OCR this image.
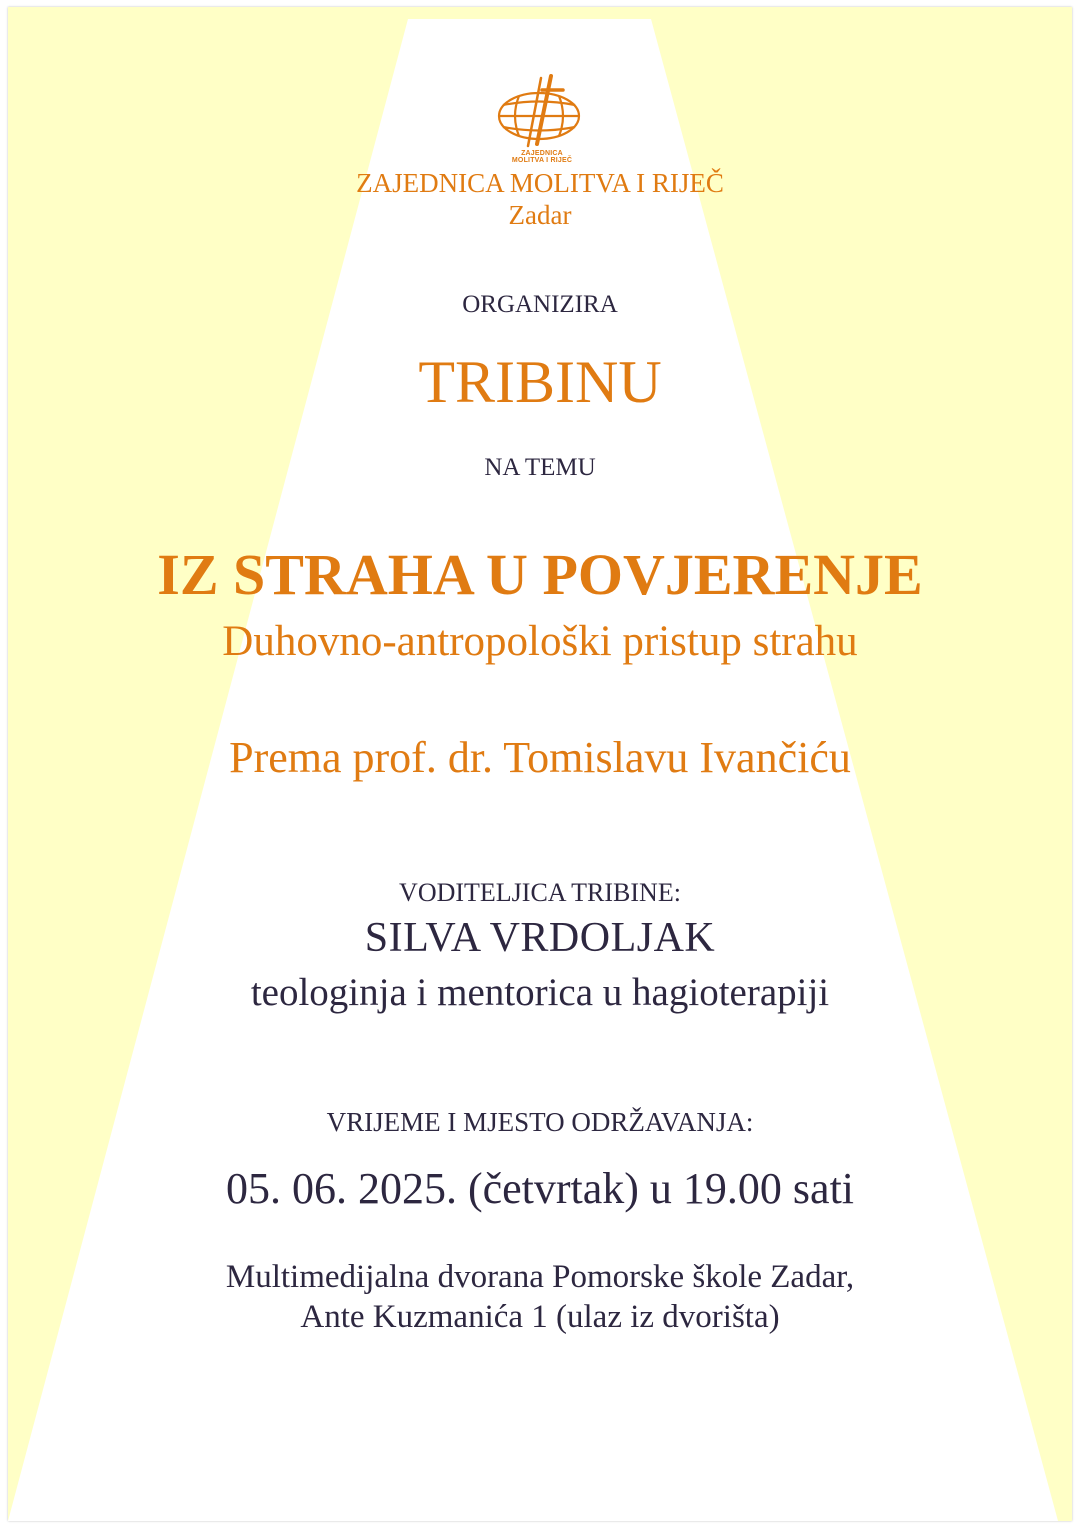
ZAJEDNICA
MOLITVA I RIJEČ
ZAJEDNICA MOLITVA I RIJEČ
Zadar
ORGANIZIRA
TRIBINU
NA TEMU
IZ STRAHA U POVJERENJE
Duhovno-antropološki pristup strahu
Prema prof. dr. Tomislavu Ivančiću
VODITELJICA TRIBINE:
SILVA VRDOLJAK
teologinja i mentorica u hagioterapiji
VRIJEME I MJESTO ODRŽAVANJA:
05. 06. 2025. (četvrtak) u 19.00 sati
Multimedijalna dvorana Pomorske škole Zadar,
Ante Kuzmanića 1 (ulaz iz dvorišta)
